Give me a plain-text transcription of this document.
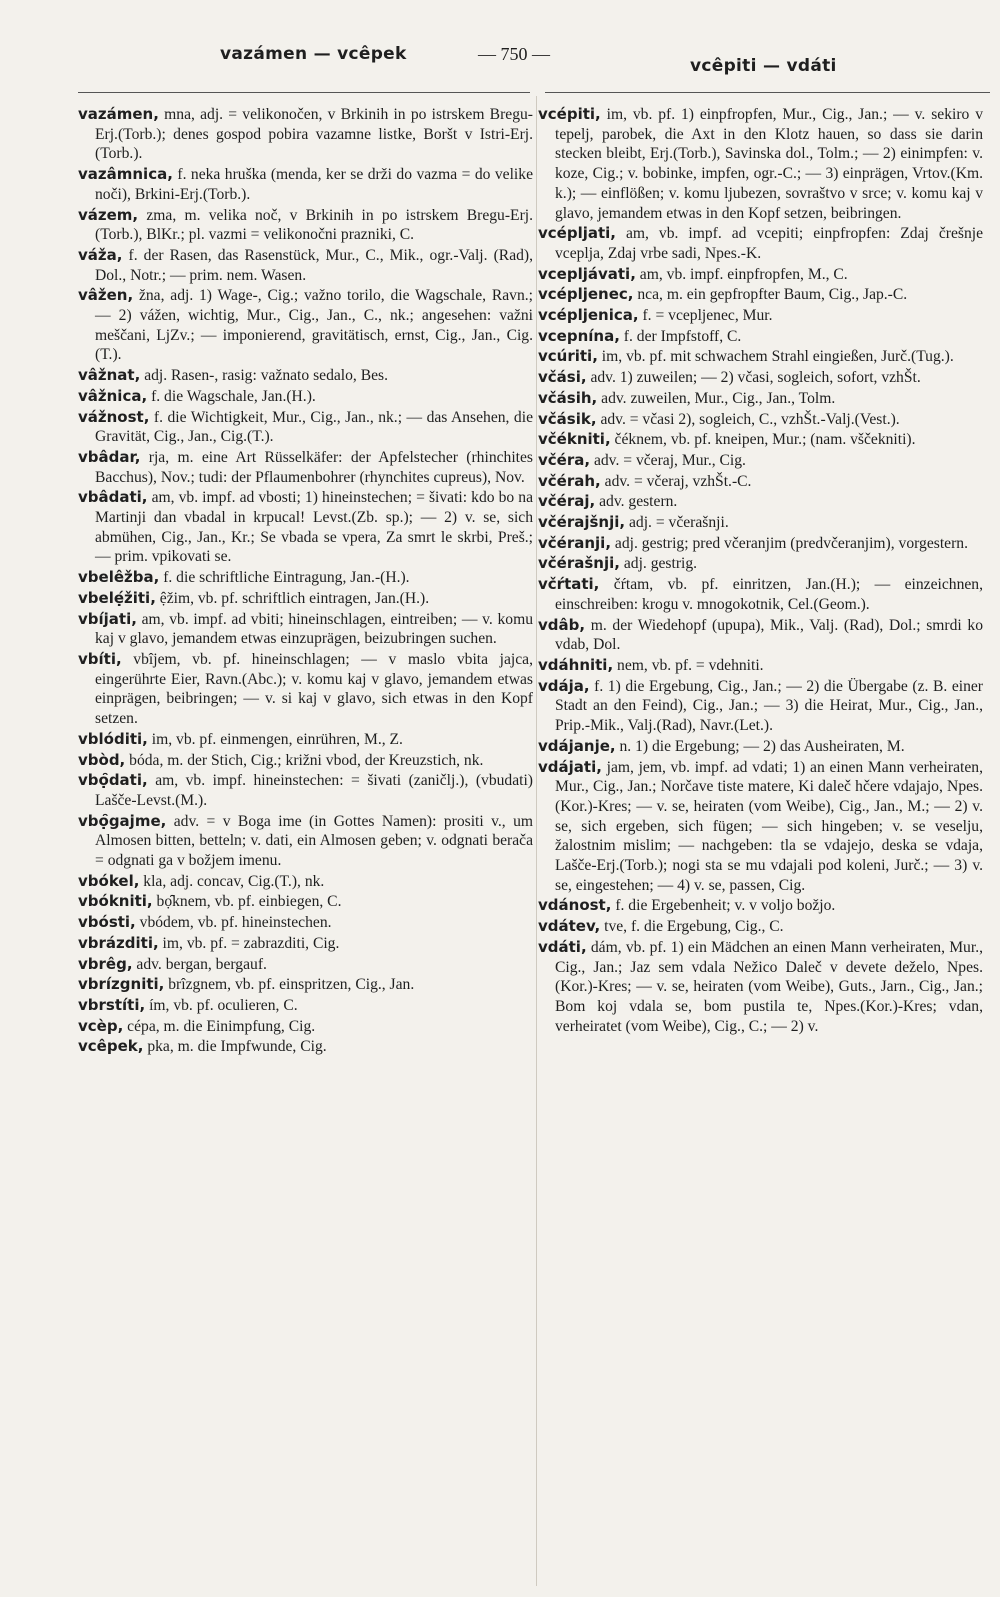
vazámen — vcêpek	— 750 —
vcêpiti — vdáti
vazámen, mna, adj. = velikonočen, v Brkinih in po istrskem Bregu-Erj.(Torb.); denes gospod pobira vazamne listke, Boršt v Istri-Erj.(Torb.).
vazâmnica, f. neka hruška (menda, ker se drži do vazma = do velike noči), Brkini-Erj.(Torb.).
vázem, zma, m. velika noč, v Brkinih in po istrskem Bregu-Erj.(Torb.), BlKr.; pl. vazmi = velikonočni prazniki, C.
váža, f. der Rasen, das Rasenstück, Mur., C., Mik., ogr.-Valj. (Rad), Dol., Notr.; — prim. nem. Wasen.
vâžen, žna, adj. 1) Wage-, Cig.; važno torilo, die Wagschale, Ravn.; — 2) vážen, wichtig, Mur., Cig., Jan., C., nk.; angesehen: važni meščani, LjZv.; — imponierend, gravitätisch, ernst, Cig., Jan., Cig.(T.).
vâžnat, adj. Rasen-, rasig: važnato sedalo, Bes.
vâžnica, f. die Wagschale, Jan.(H.).
vážnost, f. die Wichtigkeit, Mur., Cig., Jan., nk.; — das Ansehen, die Gravität, Cig., Jan., Cig.(T.).
vbâdar, rja, m. eine Art Rüsselkäfer: der Apfelstecher (rhinchites Bacchus), Nov.; tudi: der Pflaumenbohrer (rhynchites cupreus), Nov.
vbâdati, am, vb. impf. ad vbosti; 1) hineinstechen; = šivati: kdo bo na Martinji dan vbadal in krpucal! Levst.(Zb. sp.); — 2) v. se, sich abmühen, Cig., Jan., Kr.; Se vbada se vpera, Za smrt le skrbi, Preš.; — prim. vpikovati se.
vbelêžba, f. die schriftliche Eintragung, Jan.-(H.).
vbelẹ́žiti, ệžim, vb. pf. schriftlich eintragen, Jan.(H.).
vbíjati, am, vb. impf. ad vbiti; hineinschlagen, eintreiben; — v. komu kaj v glavo, jemandem etwas einzuprägen, beizubringen suchen.
vbíti, vbîjem, vb. pf. hineinschlagen; — v maslo vbita jajca, eingerührte Eier, Ravn.(Abc.); v. komu kaj v glavo, jemandem etwas einprägen, beibringen; — v. si kaj v glavo, sich etwas in den Kopf setzen.
vblóditi, im, vb. pf. einmengen, einrühren, M., Z.
vbòd, bóda, m. der Stich, Cig.; križni vbod, der Kreuzstich, nk.
vbọ̑dati, am, vb. impf. hineinstechen: = šivati (zaničlj.), (vbudati) Lašče-Levst.(M.).
vbọ̑gajme, adv. = v Boga ime (in Gottes Namen): prositi v., um Almosen bitten, betteln; v. dati, ein Almosen geben; v. odgnati berača = odgnati ga v božjem imenu.
vbókel, kla, adj. concav, Cig.(T.), nk.
vbókniti, bọ̑knem, vb. pf. einbiegen, C.
vbósti, vbódem, vb. pf. hineinstechen.
vbrázditi, im, vb. pf. = zabrazditi, Cig.
vbrêg, adv. bergan, bergauf.
vbrízgniti, brîzgnem, vb. pf. einspritzen, Cig., Jan.
vbrstíti, ím, vb. pf. oculieren, C.
vcèp, cépa, m. die Einimpfung, Cig.
vcêpek, pka, m. die Impfwunde, Cig.
vcépiti, im, vb. pf. 1) einpfropfen, Mur., Cig., Jan.; — v. sekiro v tepelj, parobek, die Axt in den Klotz hauen, so dass sie darin stecken bleibt, Erj.(Torb.), Savinska dol., Tolm.; — 2) einimpfen: v. koze, Cig.; v. bobinke, impfen, ogr.-C.; — 3) einprägen, Vrtov.(Km. k.); — einflößen; v. komu ljubezen, sovraštvo v srce; v. komu kaj v glavo, jemandem etwas in den Kopf setzen, beibringen.
vcépljati, am, vb. impf. ad vcepiti; einpfropfen: Zdaj črešnje vceplja, Zdaj vrbe sadi, Npes.-K.
vcepljávati, am, vb. impf. einpfropfen, M., C.
vcépljenec, nca, m. ein gepfropfter Baum, Cig., Jap.-C.
vcépljenica, f. = vcepljenec, Mur.
vcepnína, f. der Impfstoff, C.
vcúriti, im, vb. pf. mit schwachem Strahl eingießen, Jurč.(Tug.).
včási, adv. 1) zuweilen; — 2) včasi, sogleich, sofort, vzhŠt.
včásih, adv. zuweilen, Mur., Cig., Jan., Tolm.
včásik, adv. = včasi 2), sogleich, C., vzhŠt.-Valj.(Vest.).
včékniti, čéknem, vb. pf. kneipen, Mur.; (nam. vščekniti).
včéra, adv. = včeraj, Mur., Cig.
včérah, adv. = včeraj, vzhŠt.-C.
včéraj, adv. gestern.
včérajšnji, adj. = včerašnji.
včéranji, adj. gestrig; pred včeranjim (predvčeranjim), vorgestern.
včérašnji, adj. gestrig.
včŕtati, čŕtam, vb. pf. einritzen, Jan.(H.); — einzeichnen, einschreiben: krogu v. mnogokotnik, Cel.(Geom.).
vdâb, m. der Wiedehopf (upupa), Mik., Valj. (Rad), Dol.; smrdi ko vdab, Dol.
vdáhniti, nem, vb. pf. = vdehniti.
vdája, f. 1) die Ergebung, Cig., Jan.; — 2) die Übergabe (z. B. einer Stadt an den Feind), Cig., Jan.; — 3) die Heirat, Mur., Cig., Jan., Prip.-Mik., Valj.(Rad), Navr.(Let.).
vdájanje, n. 1) die Ergebung; — 2) das Ausheiraten, M.
vdájati, jam, jem, vb. impf. ad vdati; 1) an einen Mann verheiraten, Mur., Cig., Jan.; Norčave tiste matere, Ki daleč hčere vdajajo, Npes.(Kor.)-Kres; — v. se, heiraten (vom Weibe), Cig., Jan., M.; — 2) v. se, sich ergeben, sich fügen; — sich hingeben; v. se veselju, žalostnim mislim; — nachgeben: tla se vdajejo, deska se vdaja, Lašče-Erj.(Torb.); nogi sta se mu vdajali pod koleni, Jurč.; — 3) v. se, eingestehen; — 4) v. se, passen, Cig.
vdánost, f. die Ergebenheit; v. v voljo božjo.
vdátev, tve, f. die Ergebung, Cig., C.
vdáti, dám, vb. pf. 1) ein Mädchen an einen Mann verheiraten, Mur., Cig., Jan.; Jaz sem vdala Nežico Daleč v devete deželo, Npes.(Kor.)-Kres; — v. se, heiraten (vom Weibe), Guts., Jarn., Cig., Jan.; Bom koj vdala se, bom pustila te, Npes.(Kor.)-Kres; vdan, verheiratet (vom Weibe), Cig., C.; — 2) v.
